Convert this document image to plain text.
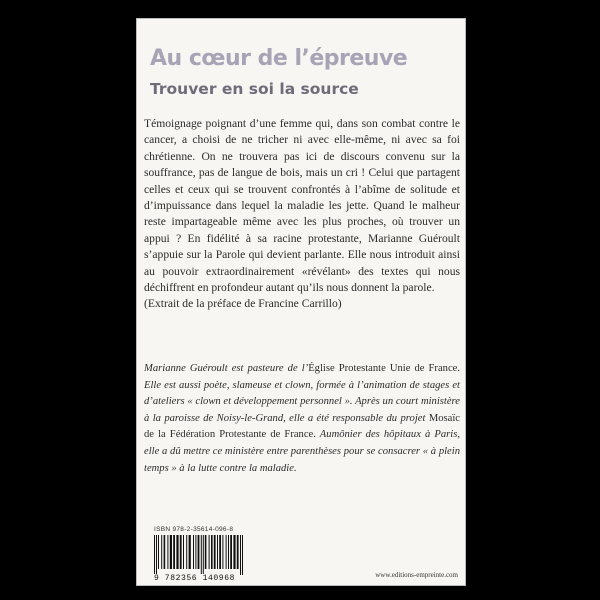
Au cœur de l’épreuve
Trouver en soi la source

Témoignage poignant d’une femme qui, dans son combat contre le cancer, a choisi de ne tricher ni avec elle-même, ni avec sa foi chrétienne. On ne trouvera pas ici de discours convenu sur la souffrance, pas de langue de bois, mais un cri ! Celui que partagent celles et ceux qui se trouvent confrontés à l’abîme de solitude et d’impuissance dans lequel la maladie les jette. Quand le malheur reste impartageable même avec les plus proches, où trouver un appui ? En fidélité à sa racine protestante, Marianne Guéroult s’appuie sur la Parole qui devient parlante. Elle nous introduit ainsi au pouvoir extraordinairement «révélant» des textes qui nous déchiffrent en profondeur autant qu’ils nous donnent la parole.
(Extrait de la préface de Francine Carrillo)

Marianne Guéroult est pasteure de l’Église Protestante Unie de France. Elle est aussi poète, slameuse et clown, formée à l’animation de stages et d’ateliers « clown et développement personnel ». Après un court ministère à la paroisse de Noisy-le-Grand, elle a été responsable du projet Mosaïc de la Fédération Protestante de France. Aumônier des hôpitaux à Paris, elle a dû mettre ce ministère entre parenthèses pour se consacrer « à plein temps » à la lutte contre la maladie.

ISBN 978-2-35614-096-8
9 782356 140968	www.editions-empreinte.com
